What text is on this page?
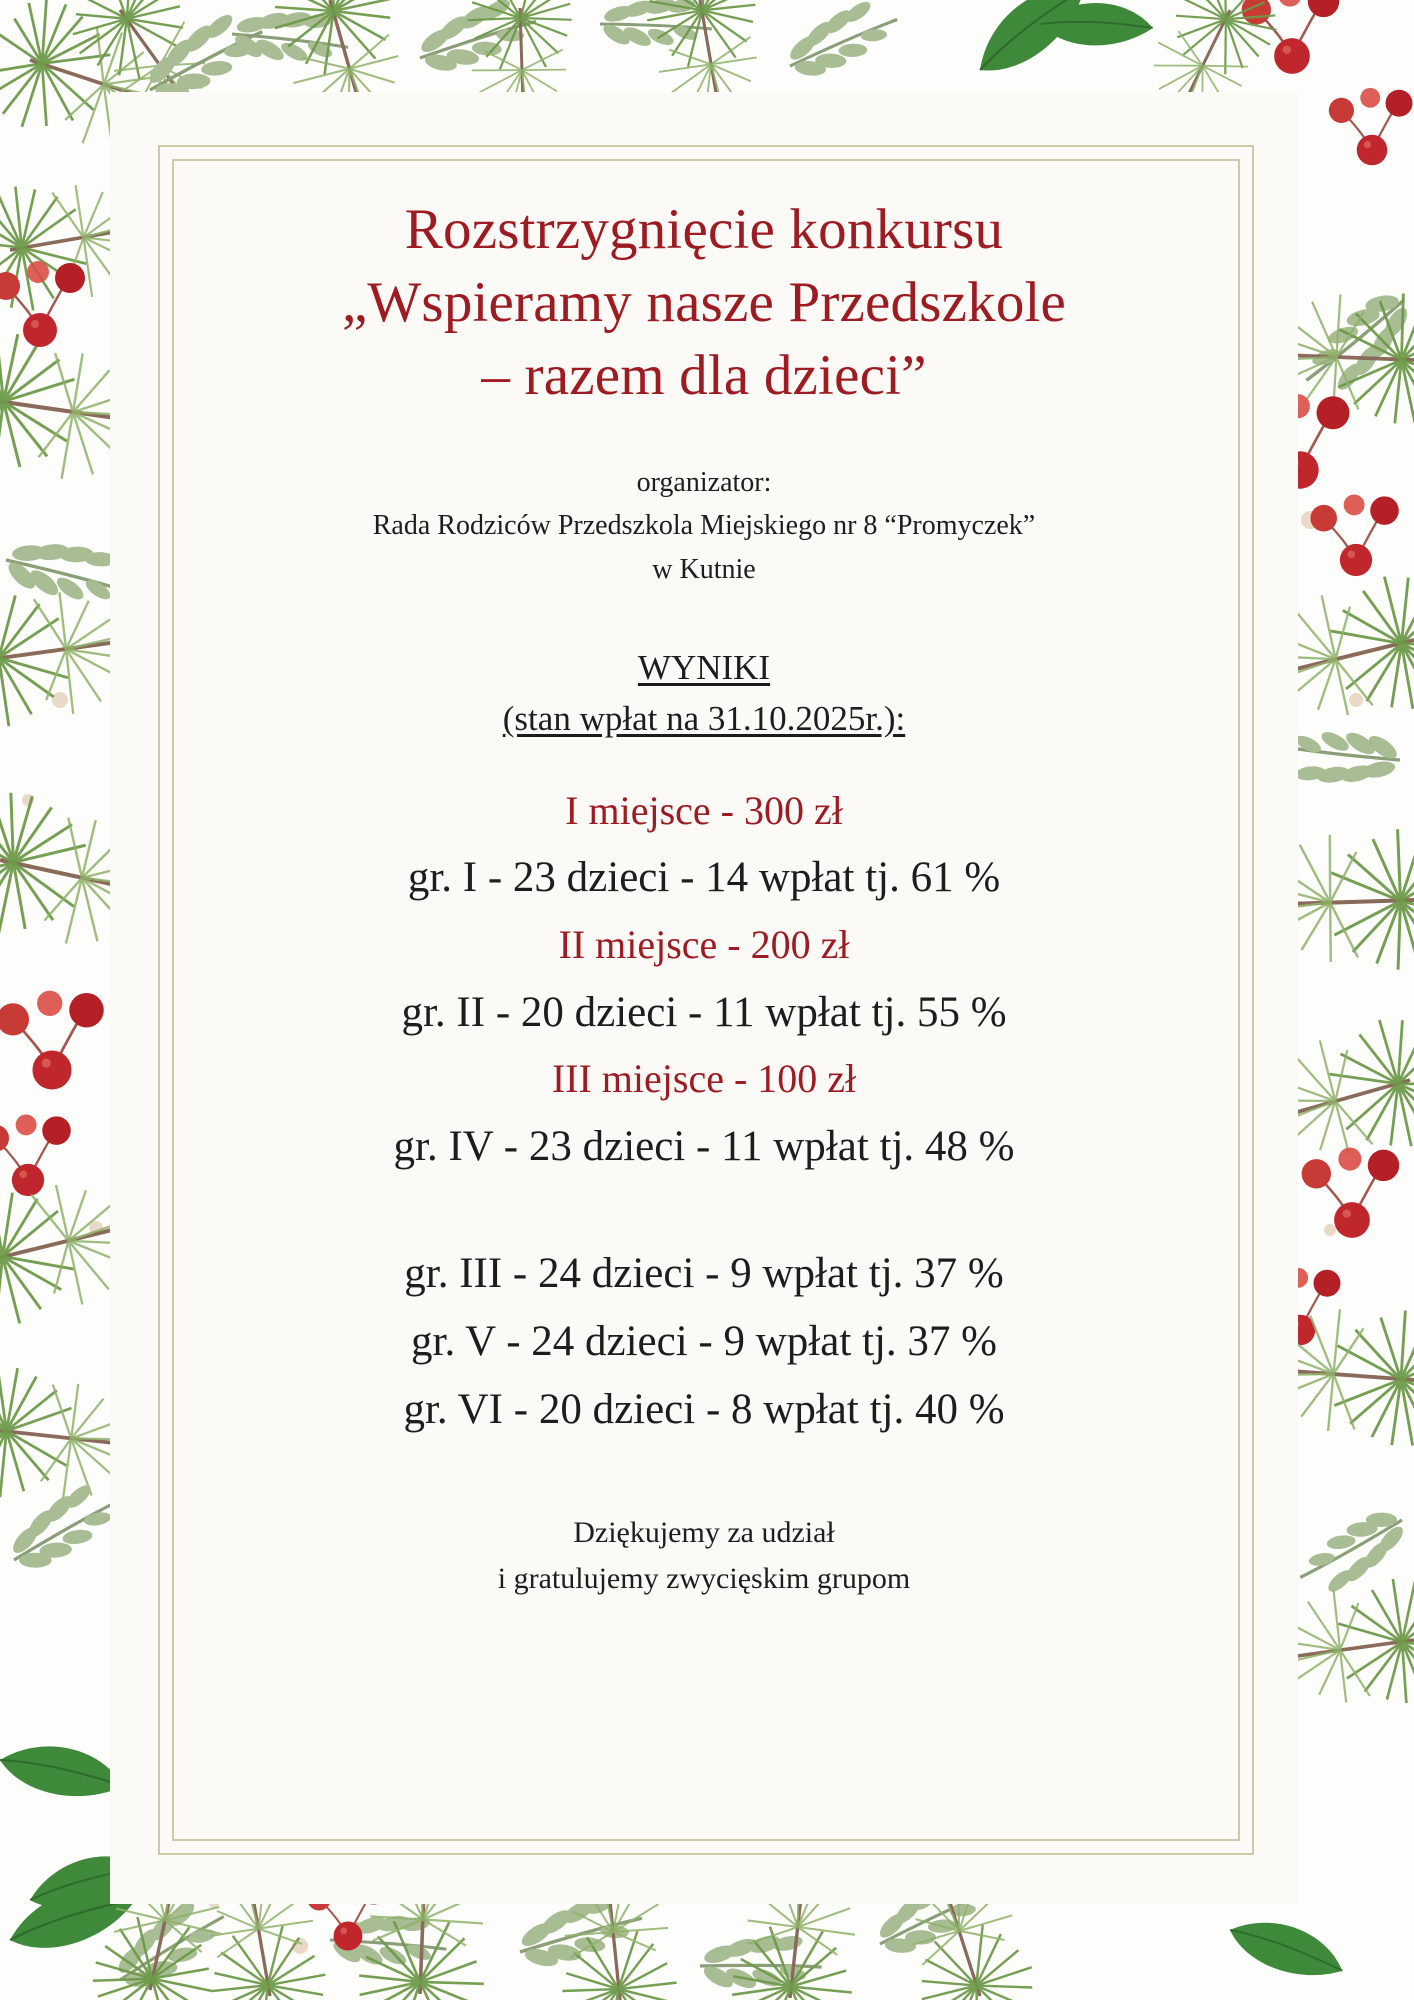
Rozstrzygnięcie konkursu
„Wspieramy nasze Przedszkole
– razem dla dzieci”
organizator:
Rada Rodziców Przedszkola Miejskiego nr 8 “Promyczek”
w Kutnie
WYNIKI
(stan wpłat na 31.10.2025r.):
I miejsce - 300 zł
gr. I - 23 dzieci - 14 wpłat tj. 61 %
II miejsce - 200 zł
gr. II - 20 dzieci - 11 wpłat tj. 55 %
III miejsce - 100 zł
gr. IV - 23 dzieci - 11 wpłat tj. 48 %
gr. III - 24 dzieci - 9 wpłat tj. 37 %
gr. V - 24 dzieci - 9 wpłat tj. 37 %
gr. VI - 20 dzieci - 8 wpłat tj. 40 %
Dziękujemy za udział
i gratulujemy zwycięskim grupom
